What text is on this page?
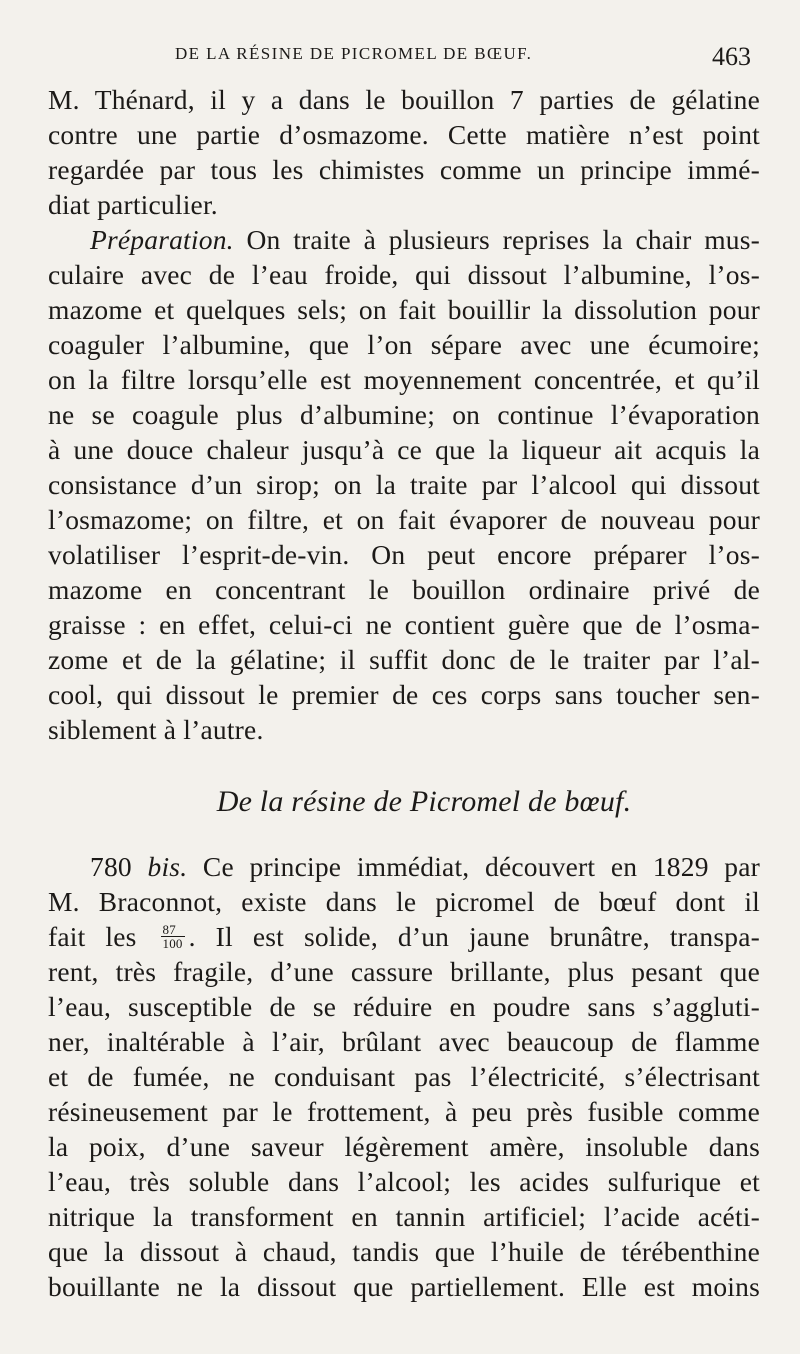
DE LA RÉSINE DE PICROMEL DE BŒUF.	463
M. Thénard, il y a dans le bouillon 7 parties de gélatine
contre une partie d’osmazome. Cette matière n’est point
regardée par tous les chimistes comme un principe immé-
diat particulier.
Préparation. On traite à plusieurs reprises la chair mus-
culaire avec de l’eau froide, qui dissout l’albumine, l’os-
mazome et quelques sels; on fait bouillir la dissolution pour
coaguler l’albumine, que l’on sépare avec une écumoire;
on la filtre lorsqu’elle est moyennement concentrée, et qu’il
ne se coagule plus d’albumine; on continue l’évaporation
à une douce chaleur jusqu’à ce que la liqueur ait acquis la
consistance d’un sirop; on la traite par l’alcool qui dissout
l’osmazome; on filtre, et on fait évaporer de nouveau pour
volatiliser l’esprit-de-vin. On peut encore préparer l’os-
mazome en concentrant le bouillon ordinaire privé de
graisse : en effet, celui-ci ne contient guère que de l’osma-
zome et de la gélatine; il suffit donc de le traiter par l’al-
cool, qui dissout le premier de ces corps sans toucher sen-
siblement à l’autre.
De la résine de Picromel de bœuf.
780 bis. Ce principe immédiat, découvert en 1829 par
M. Braconnot, existe dans le picromel de bœuf dont il
fait les $\frac{87}{100}$ . Il est solide, d’un jaune brunâtre, transpa-
rent, très fragile, d’une cassure brillante, plus pesant que
l’eau, susceptible de se réduire en poudre sans s’aggluti-
ner, inaltérable à l’air, brûlant avec beaucoup de flamme
et de fumée, ne conduisant pas l’électricité, s’électrisant
résineusement par le frottement, à peu près fusible comme
la poix, d’une saveur légèrement amère, insoluble dans
l’eau, très soluble dans l’alcool; les acides sulfurique et
nitrique la transforment en tannin artificiel; l’acide acéti-
que la dissout à chaud, tandis que l’huile de térébenthine
bouillante ne la dissout que partiellement. Elle est moins
